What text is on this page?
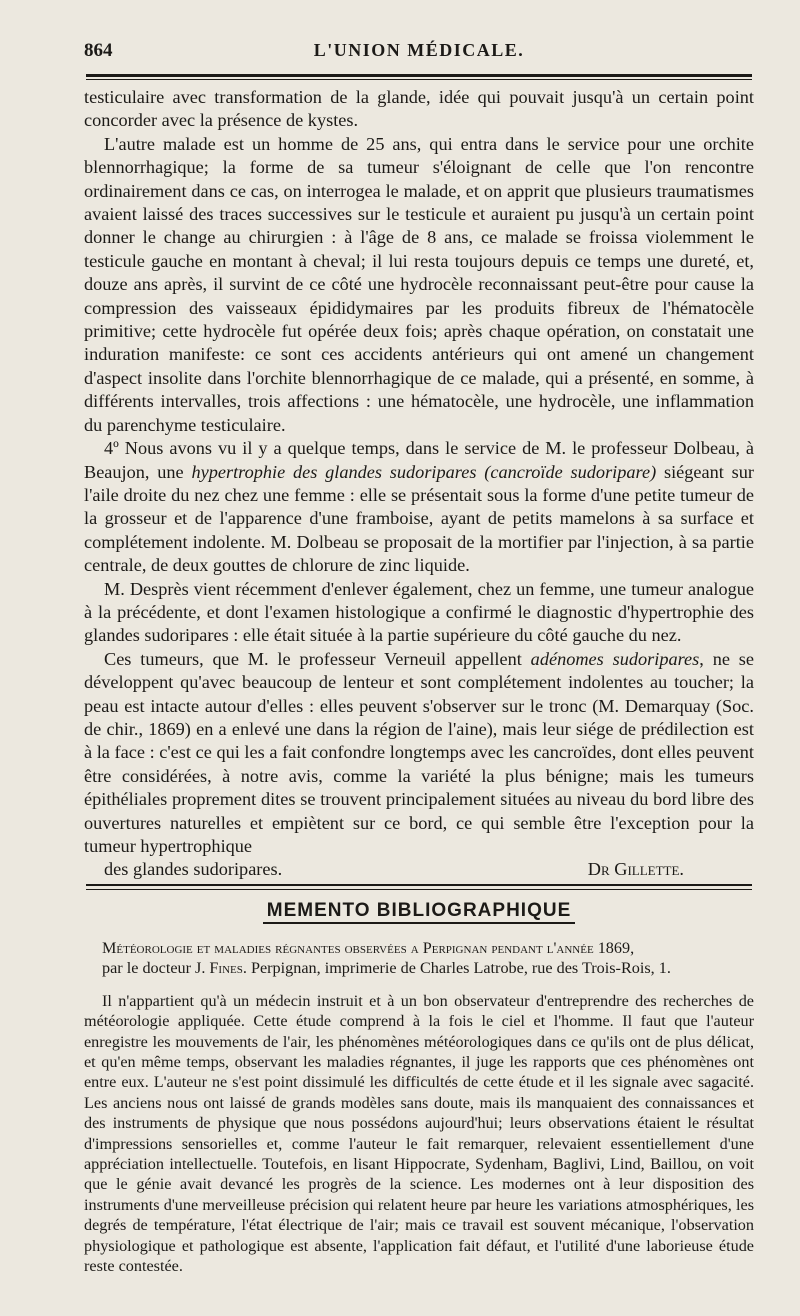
864	L'UNION MÉDICALE.

testiculaire avec transformation de la glande, idée qui pouvait jusqu'à un certain point concorder avec la présence de kystes.

L'autre malade est un homme de 25 ans, qui entra dans le service pour une orchite blennorrhagique; la forme de sa tumeur s'éloignant de celle que l'on rencontre ordinairement dans ce cas, on interrogea le malade, et on apprit que plusieurs traumatismes avaient laissé des traces successives sur le testicule et auraient pu jusqu'à un certain point donner le change au chirurgien : à l'âge de 8 ans, ce malade se froissa violemment le testicule gauche en montant à cheval; il lui resta toujours depuis ce temps une dureté, et, douze ans après, il survint de ce côté une hydrocèle reconnaissant peut-être pour cause la compression des vaisseaux épididymaires par les produits fibreux de l'hématocèle primitive; cette hydrocèle fut opérée deux fois; après chaque opération, on constatait une induration manifeste: ce sont ces accidents antérieurs qui ont amené un changement d'aspect insolite dans l'orchite blennorrhagique de ce malade, qui a présenté, en somme, à différents intervalles, trois affections : une hématocèle, une hydrocèle, une inflammation du parenchyme testiculaire.

4º Nous avons vu il y a quelque temps, dans le service de M. le professeur Dolbeau, à Beaujon, une hypertrophie des glandes sudoripares (cancroïde sudoripare) siégeant sur l'aile droite du nez chez une femme : elle se présentait sous la forme d'une petite tumeur de la grosseur et de l'apparence d'une framboise, ayant de petits mamelons à sa surface et complétement indolente. M. Dolbeau se proposait de la mortifier par l'injection, à sa partie centrale, de deux gouttes de chlorure de zinc liquide.

M. Desprès vient récemment d'enlever également, chez un femme, une tumeur analogue à la précédente, et dont l'examen histologique a confirmé le diagnostic d'hypertrophie des glandes sudoripares : elle était située à la partie supérieure du côté gauche du nez.

Ces tumeurs, que M. le professeur Verneuil appellent adénomes sudoripares, ne se développent qu'avec beaucoup de lenteur et sont complétement indolentes au toucher; la peau est intacte autour d'elles : elles peuvent s'observer sur le tronc (M. Demarquay (Soc. de chir., 1869) en a enlevé une dans la région de l'aine), mais leur siége de prédilection est à la face : c'est ce qui les a fait confondre longtemps avec les cancroïdes, dont elles peuvent être considérées, à notre avis, comme la variété la plus bénigne; mais les tumeurs épithéliales proprement dites se trouvent principalement situées au niveau du bord libre des ouvertures naturelles et empiètent sur ce bord, ce qui semble être l'exception pour la tumeur hypertrophique

des glandes sudoripares.	Dr Gillette.

MEMENTO BIBLIOGRAPHIQUE

Météorologie et maladies régnantes observées a Perpignan pendant l'année 1869,
par le docteur J. Fines. Perpignan, imprimerie de Charles Latrobe, rue des Trois-Rois, 1.

Il n'appartient qu'à un médecin instruit et à un bon observateur d'entreprendre des recherches de météorologie appliquée. Cette étude comprend à la fois le ciel et l'homme. Il faut que l'auteur enregistre les mouvements de l'air, les phénomènes météorologiques dans ce qu'ils ont de plus délicat, et qu'en même temps, observant les maladies régnantes, il juge les rapports que ces phénomènes ont entre eux. L'auteur ne s'est point dissimulé les difficultés de cette étude et il les signale avec sagacité. Les anciens nous ont laissé de grands modèles sans doute, mais ils manquaient des connaissances et des instruments de physique que nous possédons aujourd'hui; leurs observations étaient le résultat d'impressions sensorielles et, comme l'auteur le fait remarquer, relevaient essentiellement d'une appréciation intellectuelle. Toutefois, en lisant Hippocrate, Sydenham, Baglivi, Lind, Baillou, on voit que le génie avait devancé les progrès de la science. Les modernes ont à leur disposition des instruments d'une merveilleuse précision qui relatent heure par heure les variations atmosphériques, les degrés de température, l'état électrique de l'air; mais ce travail est souvent mécanique, l'observation physiologique et pathologique est absente, l'application fait défaut, et l'utilité d'une laborieuse étude reste contestée.
